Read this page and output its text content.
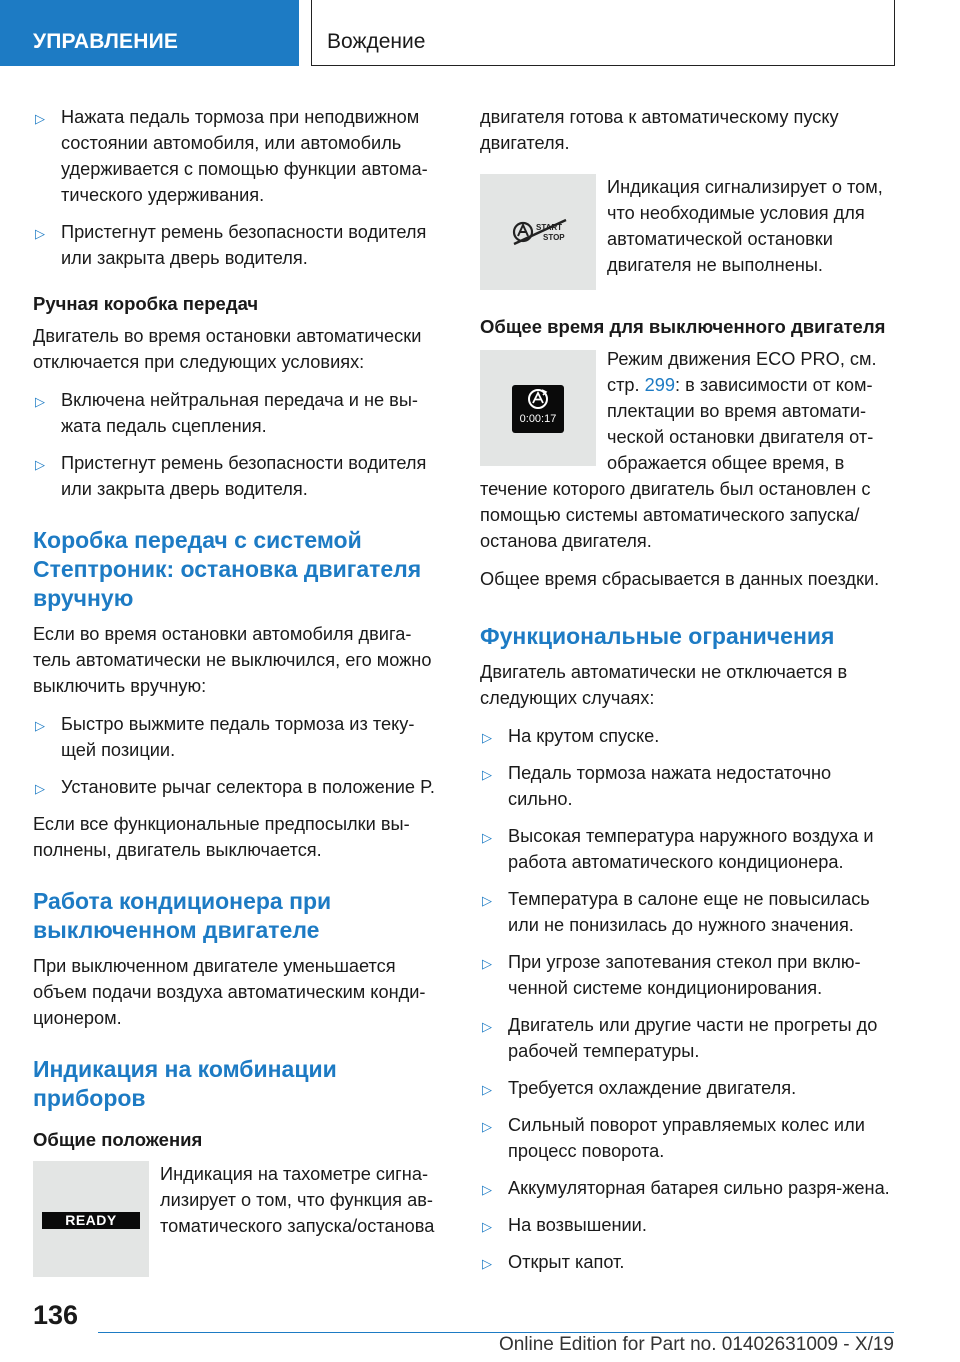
УПРАВЛЕНИЕ	Вождение
▷ Нажата педаль тормоза при неподвижном состоянии автомобиля, или автомобиль удерживается с помощью функции автома-тического удерживания.
▷ Пристегнут ремень безопасности водителя или закрыта дверь водителя.
Ручная коробка передач
Двигатель во время остановки автоматически отключается при следующих условиях:
▷ Включена нейтральная передача и не вы-жата педаль сцепления.
▷ Пристегнут ремень безопасности водителя или закрыта дверь водителя.
Коробка передач с системой Стептроник: остановка двигателя вручную
Если во время остановки автомобиля двига-тель автоматически не выключился, его можно выключить вручную:
▷ Быстро выжмите педаль тормоза из теку-щей позиции.
▷ Установите рычаг селектора в положение P.
Если все функциональные предпосылки вы-полнены, двигатель выключается.
Работа кондиционера при выключенном двигателе
При выключенном двигателе уменьшается объем подачи воздуха автоматическим конди-ционером.
Индикация на комбинации приборов
Общие положения
READY
Индикация на тахометре сигна-лизирует о том, что функция ав-томатического запуска/останова
двигателя готова к автоматическому пуску двигателя.
START
STOP
Индикация сигнализирует о том, что необходимые условия для автоматической остановки двигателя не выполнены.
Общее время для выключенного двигателя
0:00:17
Режим движения ECO PRO, см. стр. 299: в зависимости от ком-плектации во время автомати-ческой остановки двигателя от-ображается общее время, в течение которого двигатель был остановлен с помощью системы автоматического запуска/останова двигателя.
Общее время сбрасывается в данных поездки.
Функциональные ограничения
Двигатель автоматически не отключается в следующих случаях:
▷ На крутом спуске.
▷ Педаль тормоза нажата недостаточно сильно.
▷ Высокая температура наружного воздуха и работа автоматического кондиционера.
▷ Температура в салоне еще не повысилась или не понизилась до нужного значения.
▷ При угрозе запотевания стекол при вклю-ченной системе кондиционирования.
▷ Двигатель или другие части не прогреты до рабочей температуры.
▷ Требуется охлаждение двигателя.
▷ Сильный поворот управляемых колес или процесс поворота.
▷ Аккумуляторная батарея сильно разря-жена.
▷ На возвышении.
▷ Открыт капот.
136
Online Edition for Part no. 01402631009 - X/19
